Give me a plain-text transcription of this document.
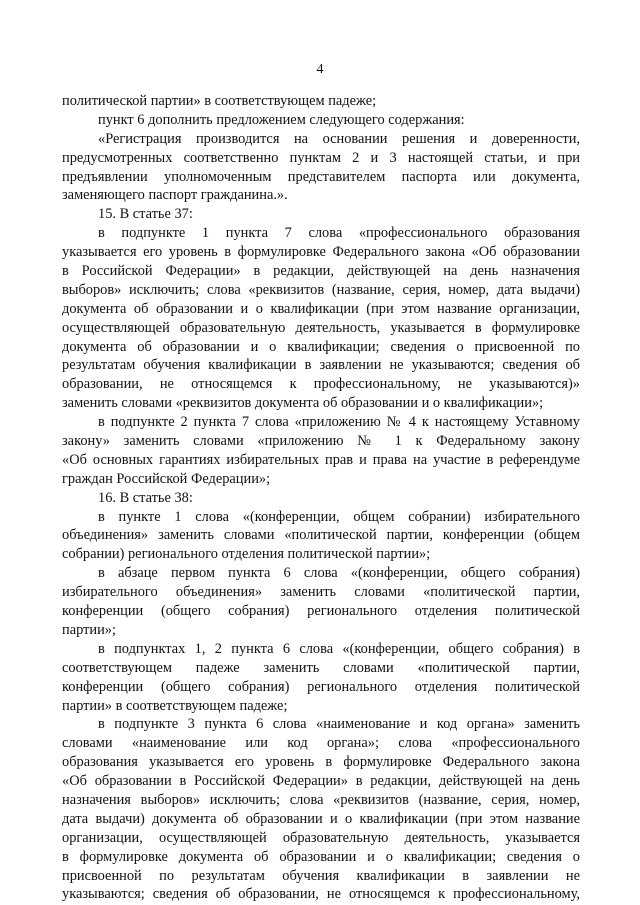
4
политической партии» в соответствующем падеже;
пункт 6 дополнить предложением следующего содержания:
«Регистрация производится на основании решения и доверенности,
предусмотренных соответственно пунктам 2 и 3 настоящей статьи, и при
предъявлении уполномоченным представителем паспорта или документа,
заменяющего паспорт гражданина.».
15. В статье 37:
в подпункте 1 пункта 7 слова «профессионального образования
указывается его уровень в формулировке Федерального закона «Об образовании
в Российской Федерации» в редакции, действующей на день назначения
выборов» исключить; слова «реквизитов (название, серия, номер, дата выдачи)
документа об образовании и о квалификации (при этом название организации,
осуществляющей образовательную деятельность, указывается в формулировке
документа об образовании и о квалификации; сведения о присвоенной по
результатам обучения квалификации в заявлении не указываются; сведения об
образовании, не относящемся к профессиональному, не указываются)»
заменить словами «реквизитов документа об образовании и о квалификации»;
в подпункте 2 пункта 7 слова «приложению № 4 к настоящему Уставному
закону» заменить словами «приложению № 1 к Федеральному закону
«Об основных гарантиях избирательных прав и права на участие в референдуме
граждан Российской Федерации»;
16. В статье 38:
в пункте 1 слова «(конференции, общем собрании) избирательного
объединения» заменить словами «политической партии, конференции (общем
собрании) регионального отделения политической партии»;
в абзаце первом пункта 6 слова «(конференции, общего собрания)
избирательного объединения» заменить словами «политической партии,
конференции (общего собрания) регионального отделения политической
партии»;
в подпунктах 1, 2 пункта 6 слова «(конференции, общего собрания) в
соответствующем падеже заменить словами «политической партии,
конференции (общего собрания) регионального отделения политической
партии» в соответствующем падеже;
в подпункте 3 пункта 6 слова «наименование и код органа» заменить
словами «наименование или код органа»; слова «профессионального
образования указывается его уровень в формулировке Федерального закона
«Об образовании в Российской Федерации» в редакции, действующей на день
назначения выборов» исключить; слова «реквизитов (название, серия, номер,
дата выдачи) документа об образовании и о квалификации (при этом название
организации, осуществляющей образовательную деятельность, указывается
в формулировке документа об образовании и о квалификации; сведения о
присвоенной по результатам обучения квалификации в заявлении не
указываются; сведения об образовании, не относящемся к профессиональному,
